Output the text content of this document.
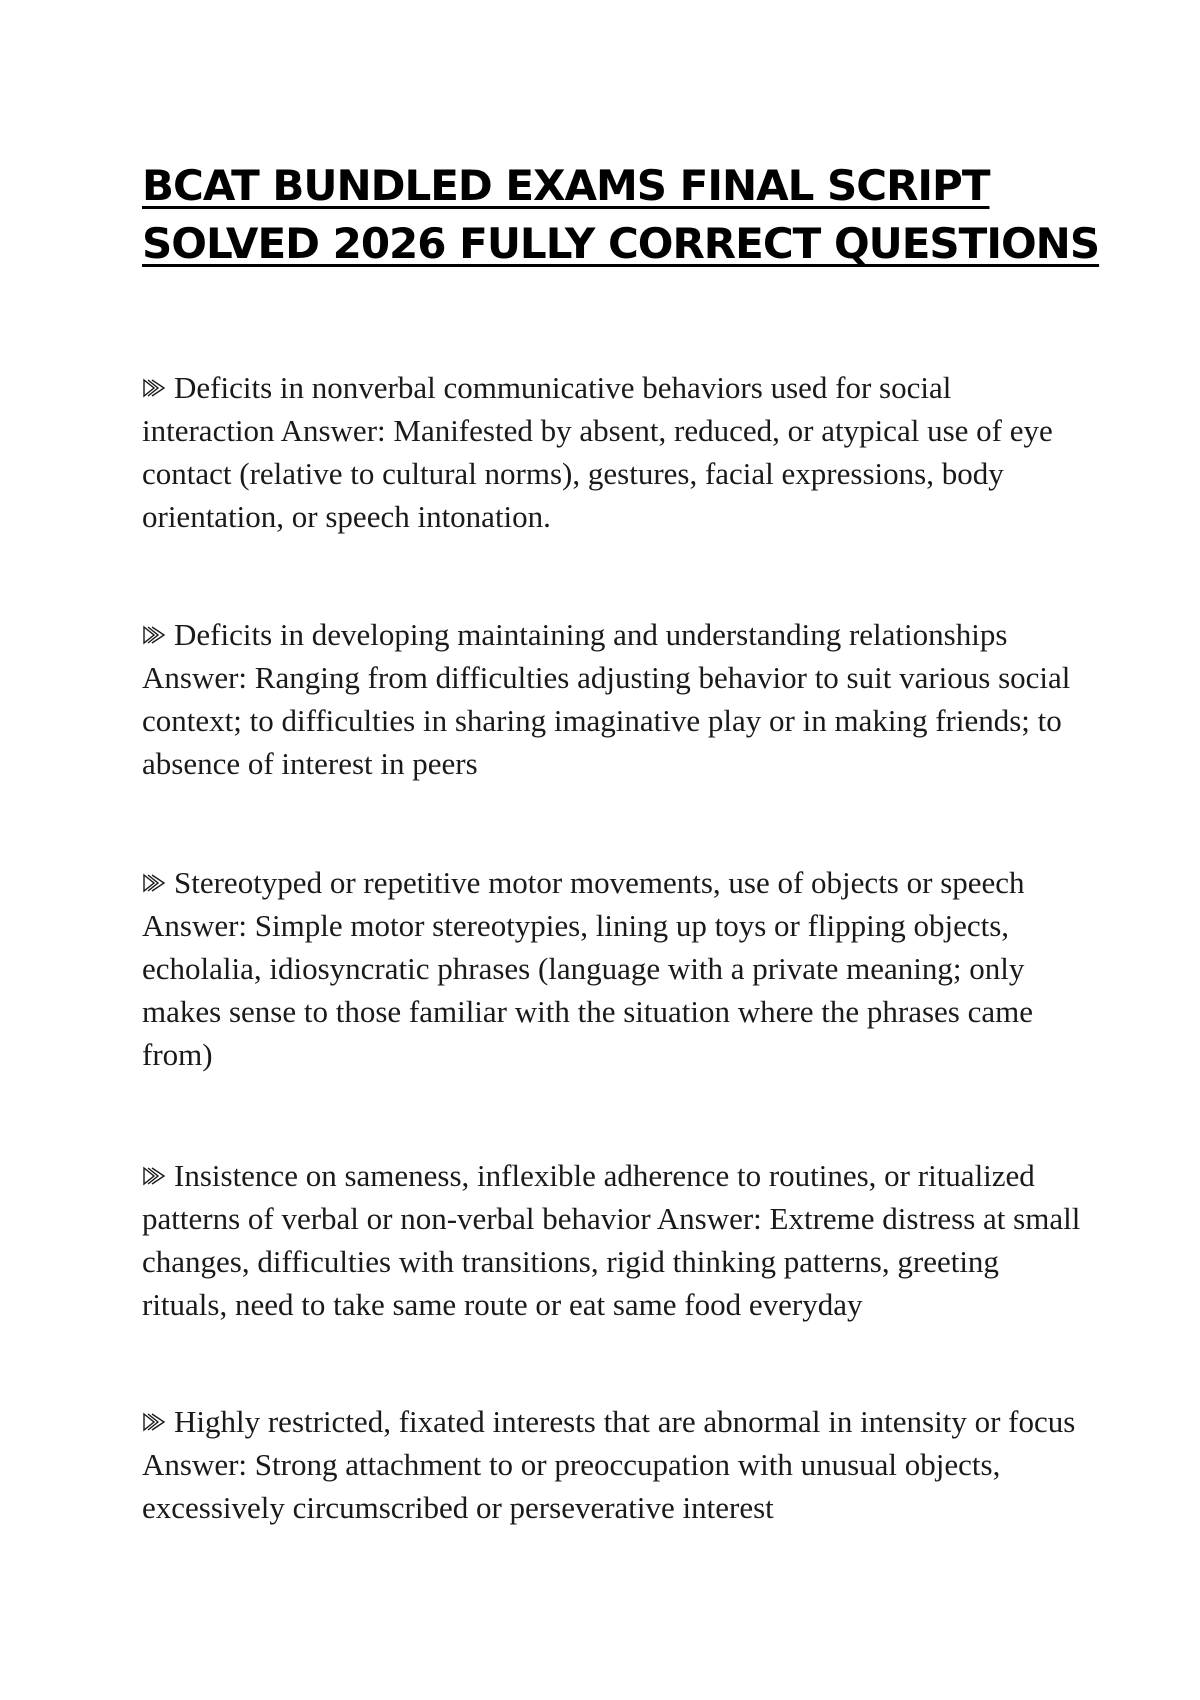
BCAT BUNDLED EXAMS FINAL SCRIPT
SOLVED 2026 FULLY CORRECT QUESTIONS

Deficits in nonverbal communicative behaviors used for social interaction Answer: Manifested by absent, reduced, or atypical use of eye contact (relative to cultural norms), gestures, facial expressions, body orientation, or speech intonation.

Deficits in developing maintaining and understanding relationships Answer: Ranging from difficulties adjusting behavior to suit various social context; to difficulties in sharing imaginative play or in making friends; to absence of interest in peers

Stereotyped or repetitive motor movements, use of objects or speech Answer: Simple motor stereotypies, lining up toys or flipping objects, echolalia, idiosyncratic phrases (language with a private meaning; only makes sense to those familiar with the situation where the phrases came from)

Insistence on sameness, inflexible adherence to routines, or ritualized patterns of verbal or non-verbal behavior Answer: Extreme distress at small changes, difficulties with transitions, rigid thinking patterns, greeting rituals, need to take same route or eat same food everyday

Highly restricted, fixated interests that are abnormal in intensity or focus Answer: Strong attachment to or preoccupation with unusual objects, excessively circumscribed or perseverative interest
